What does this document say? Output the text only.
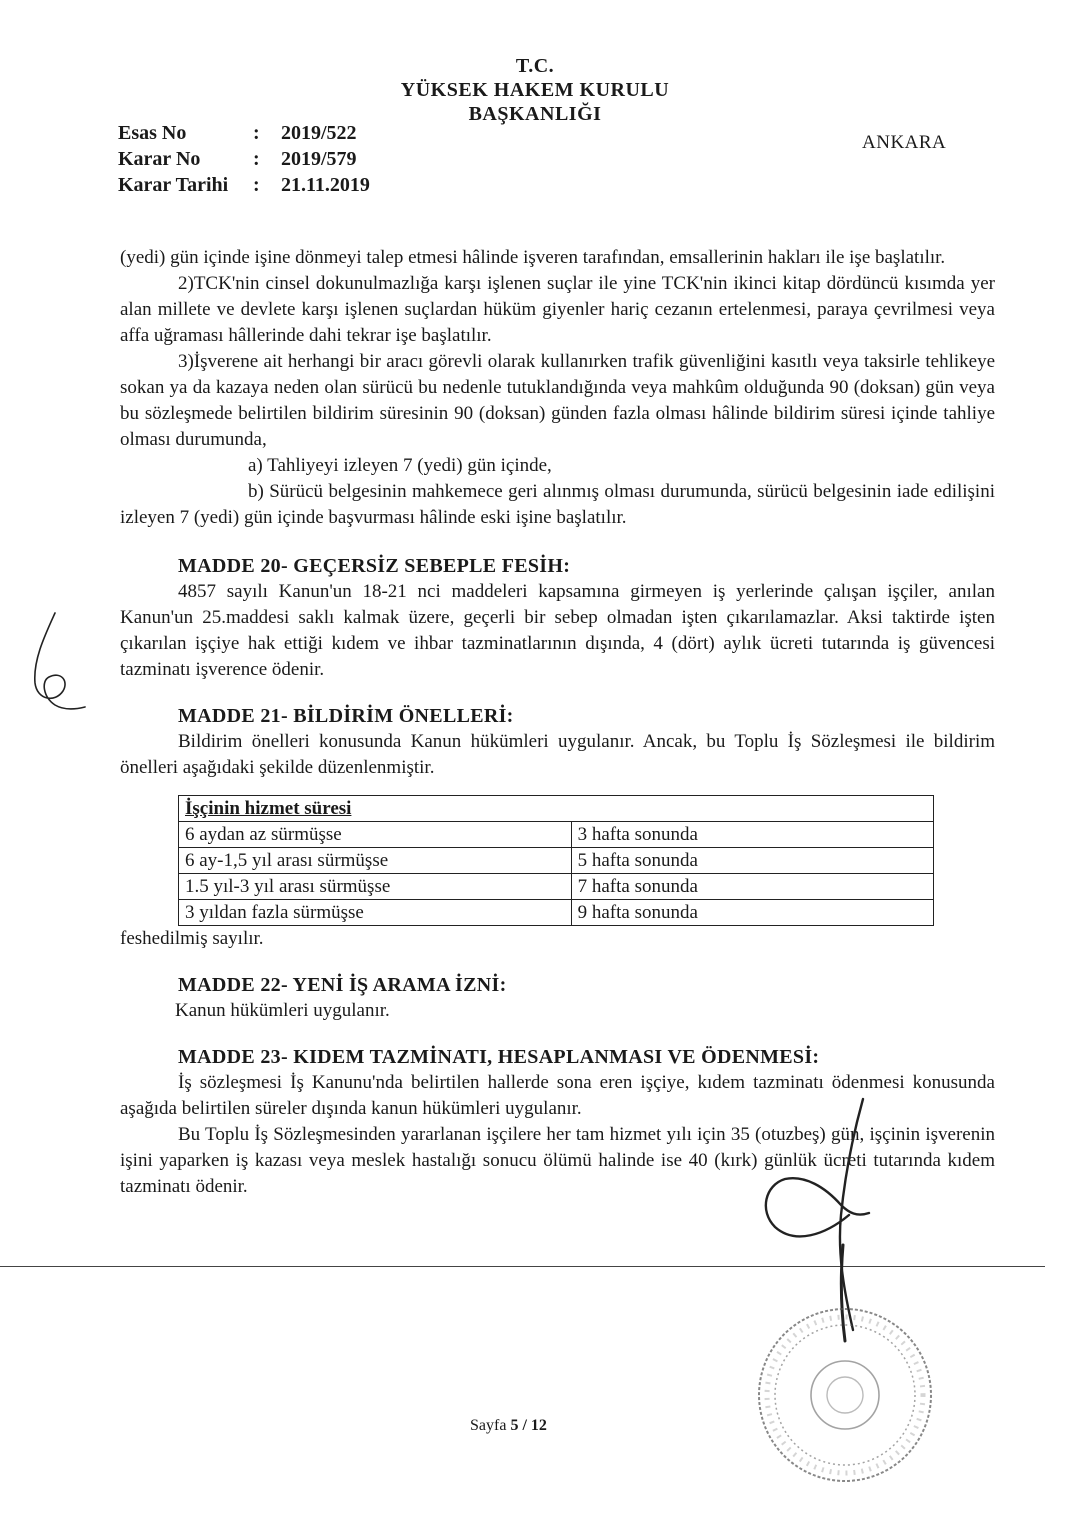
T.C.
YÜKSEK HAKEM KURULU
BAŞKANLIĞI
Esas No	:	2019/522
Karar No	:	2019/579
Karar Tarihi	:	21.11.2019
ANKARA

(yedi) gün içinde işine dönmeyi talep etmesi hâlinde işveren tarafından, emsallerinin hakları ile işe başlatılır.

2)TCK'nin cinsel dokunulmazlığa karşı işlenen suçlar ile yine TCK'nin ikinci kitap dördüncü kısımda yer alan millete ve devlete karşı işlenen suçlardan hüküm giyenler hariç cezanın ertelenmesi, paraya çevrilmesi veya affa uğraması hâllerinde dahi tekrar işe başlatılır.

3)İşverene ait herhangi bir aracı görevli olarak kullanırken trafik güvenliğini kasıtlı veya taksirle tehlikeye sokan ya da kazaya neden olan sürücü bu nedenle tutuklandığında veya mahkûm olduğunda 90 (doksan) gün veya bu sözleşmede belirtilen bildirim süresinin 90 (doksan) günden fazla olması hâlinde bildirim süresi içinde tahliye olması durumunda,

a) Tahliyeyi izleyen 7 (yedi) gün içinde,

b) Sürücü belgesinin mahkemece geri alınmış olması durumunda, sürücü belgesinin iade edilişini izleyen 7 (yedi) gün içinde başvurması hâlinde eski işine başlatılır.

MADDE 20- GEÇERSİZ SEBEPLE FESİH:

4857 sayılı Kanun'un 18-21 nci maddeleri kapsamına girmeyen iş yerlerinde çalışan işçiler, anılan Kanun'un 25.maddesi saklı kalmak üzere, geçerli bir sebep olmadan işten çıkarılamazlar. Aksi taktirde işten çıkarılan işçiye hak ettiği kıdem ve ihbar tazminatlarının dışında, 4 (dört) aylık ücreti tutarında iş güvencesi tazminatı işverence ödenir.

MADDE 21- BİLDİRİM ÖNELLERİ:

Bildirim önelleri konusunda Kanun hükümleri uygulanır. Ancak, bu Toplu İş Sözleşmesi ile bildirim önelleri aşağıdaki şekilde düzenlenmiştir.

İşçinin hizmet süresi	
6 aydan az sürmüşse	3 hafta sonunda
6 ay-1,5 yıl arası sürmüşse	5 hafta sonunda
1.5 yıl-3 yıl arası sürmüşse	7 hafta sonunda
3 yıldan fazla sürmüşse	9 hafta sonunda

feshedilmiş sayılır.

MADDE 22- YENİ İŞ ARAMA İZNİ:

Kanun hükümleri uygulanır.

MADDE 23- KIDEM TAZMİNATI, HESAPLANMASI VE ÖDENMESİ:

İş sözleşmesi İş Kanunu'nda belirtilen hallerde sona eren işçiye, kıdem tazminatı ödenmesi konusunda aşağıda belirtilen süreler dışında kanun hükümleri uygulanır.

Bu Toplu İş Sözleşmesinden yararlanan işçilere her tam hizmet yılı için 35 (otuzbeş) gün, işçinin işverenin işini yaparken iş kazası veya meslek hastalığı sonucu ölümü halinde ise 40 (kırk) günlük ücreti tutarında kıdem tazminatı ödenir.

Sayfa 5 / 12
